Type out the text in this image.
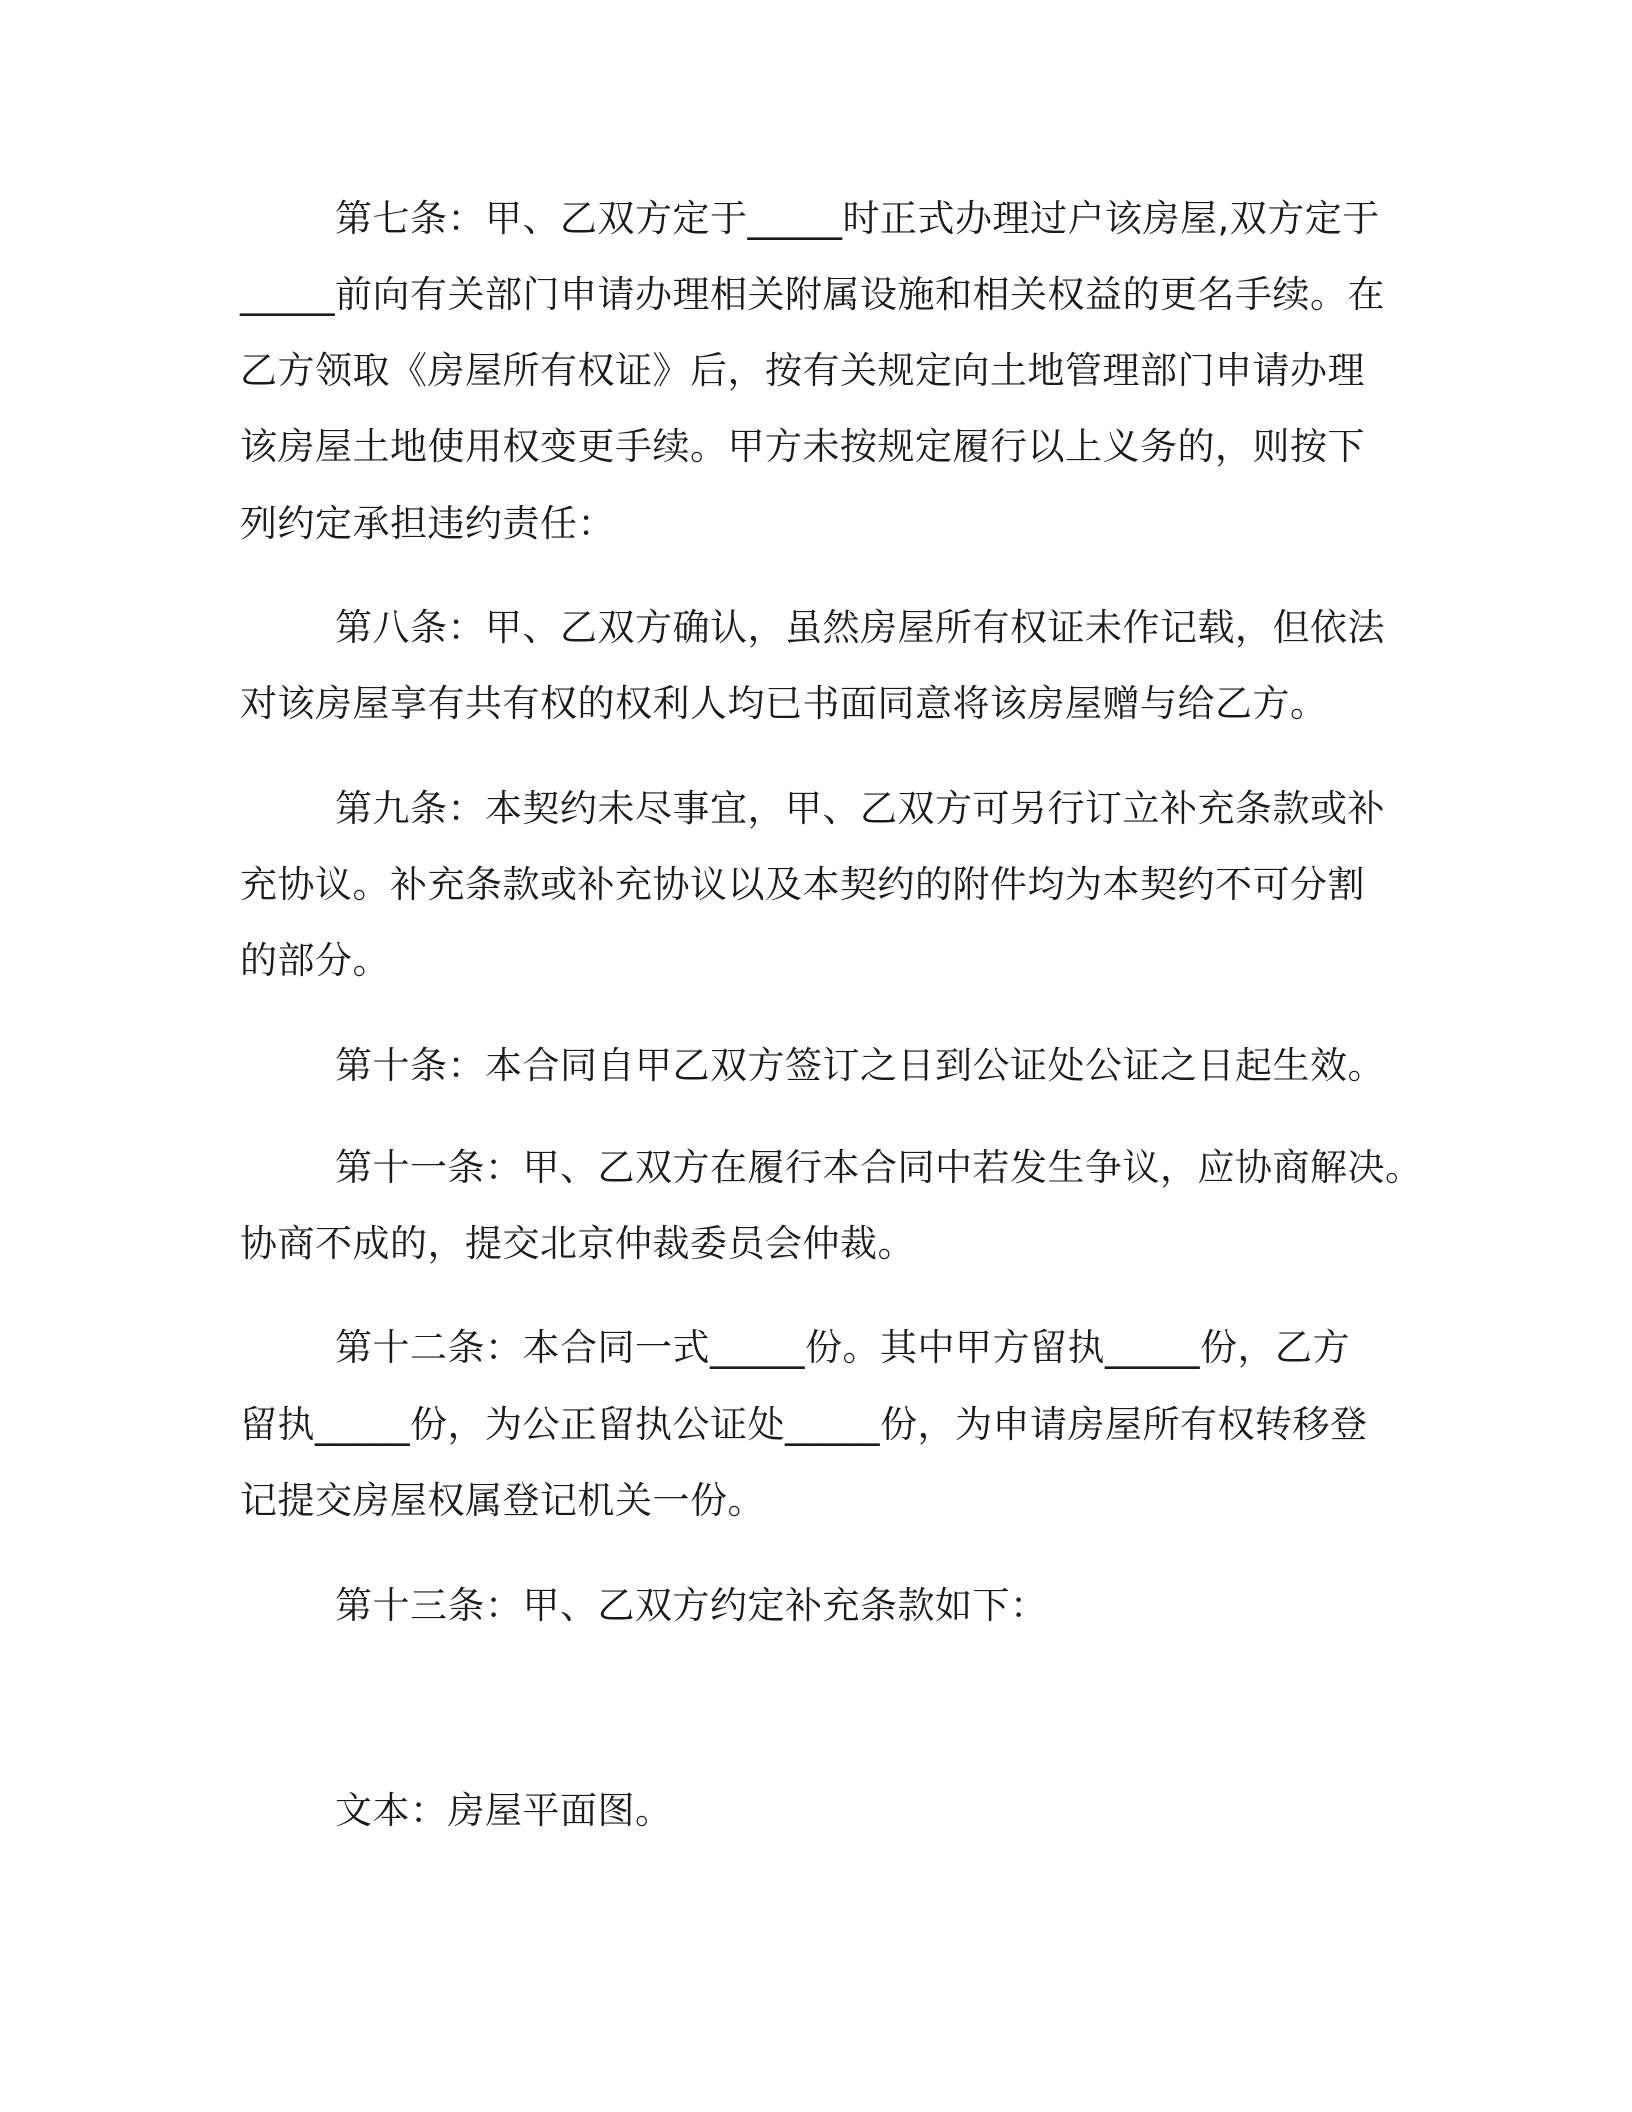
第七条：甲、乙双方定于_____时正式办理过户该房屋,双方定于
_____前向有关部门申请办理相关附属设施和相关权益的更名手续。在
乙方领取《房屋所有权证》后，按有关规定向土地管理部门申请办理
该房屋土地使用权变更手续。甲方未按规定履行以上义务的，则按下
列约定承担违约责任：
第八条：甲、乙双方确认，虽然房屋所有权证未作记载，但依法
对该房屋享有共有权的权利人均已书面同意将该房屋赠与给乙方。
第九条：本契约未尽事宜，甲、乙双方可另行订立补充条款或补
充协议。补充条款或补充协议以及本契约的附件均为本契约不可分割
的部分。
第十条：本合同自甲乙双方签订之日到公证处公证之日起生效。
第十一条：甲、乙双方在履行本合同中若发生争议，应协商解决。
协商不成的，提交北京仲裁委员会仲裁。
第十二条：本合同一式_____份。其中甲方留执_____份，乙方
留执_____份，为公正留执公证处_____份，为申请房屋所有权转移登
记提交房屋权属登记机关一份。
第十三条：甲、乙双方约定补充条款如下：
文本：房屋平面图。
